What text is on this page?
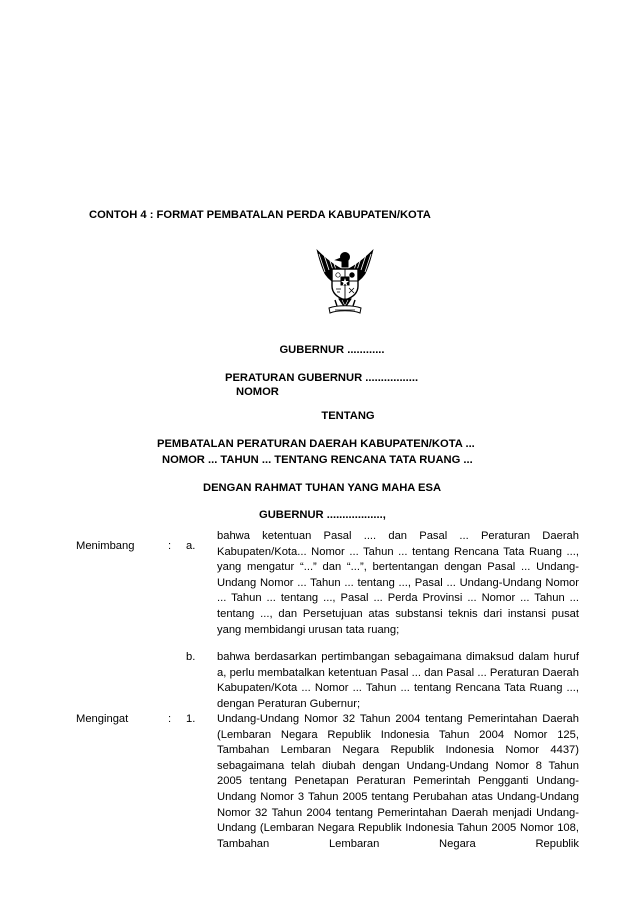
CONTOH 4 : FORMAT PEMBATALAN PERDA KABUPATEN/KOTA
GUBERNUR ............
PERATURAN GUBERNUR .................
NOMOR
TENTANG
PEMBATALAN PERATURAN DAERAH KABUPATEN/KOTA ...
NOMOR ... TAHUN ... TENTANG RENCANA TATA RUANG ...
DENGAN RAHMAT TUHAN YANG MAHA ESA
GUBERNUR ..................,
Menimbang	: a.
bahwa ketentuan Pasal .... dan Pasal ... Peraturan Daerah Kabupaten/Kota... Nomor ... Tahun ... tentang Rencana Tata Ruang ..., yang mengatur “...” dan “...”, bertentangan dengan Pasal ... Undang-Undang Nomor ... Tahun ... tentang ..., Pasal ... Undang-Undang Nomor ... Tahun ... tentang ..., Pasal ... Perda Provinsi ... Nomor ... Tahun ... tentang ..., dan Persetujuan atas substansi teknis dari instansi pusat yang membidangi urusan tata ruang;
b. bahwa berdasarkan pertimbangan sebagaimana dimaksud dalam huruf a, perlu membatalkan ketentuan Pasal ... dan Pasal ... Peraturan Daerah Kabupaten/Kota ... Nomor ... Tahun ... tentang Rencana Tata Ruang ..., dengan Peraturan Gubernur;
Mengingat	: 1. Undang-Undang Nomor 32 Tahun 2004 tentang Pemerintahan Daerah (Lembaran Negara Republik Indonesia Tahun 2004 Nomor 125, Tambahan Lembaran Negara Republik Indonesia Nomor 4437) sebagaimana telah diubah dengan Undang-Undang Nomor 8 Tahun 2005 tentang Penetapan Peraturan Pemerintah Pengganti Undang-Undang Nomor 3 Tahun 2005 tentang Perubahan atas Undang-Undang Nomor 32 Tahun 2004 tentang Pemerintahan Daerah menjadi Undang-Undang (Lembaran Negara Republik Indonesia Tahun 2005 Nomor 108, Tambahan Lembaran Negara Republik
